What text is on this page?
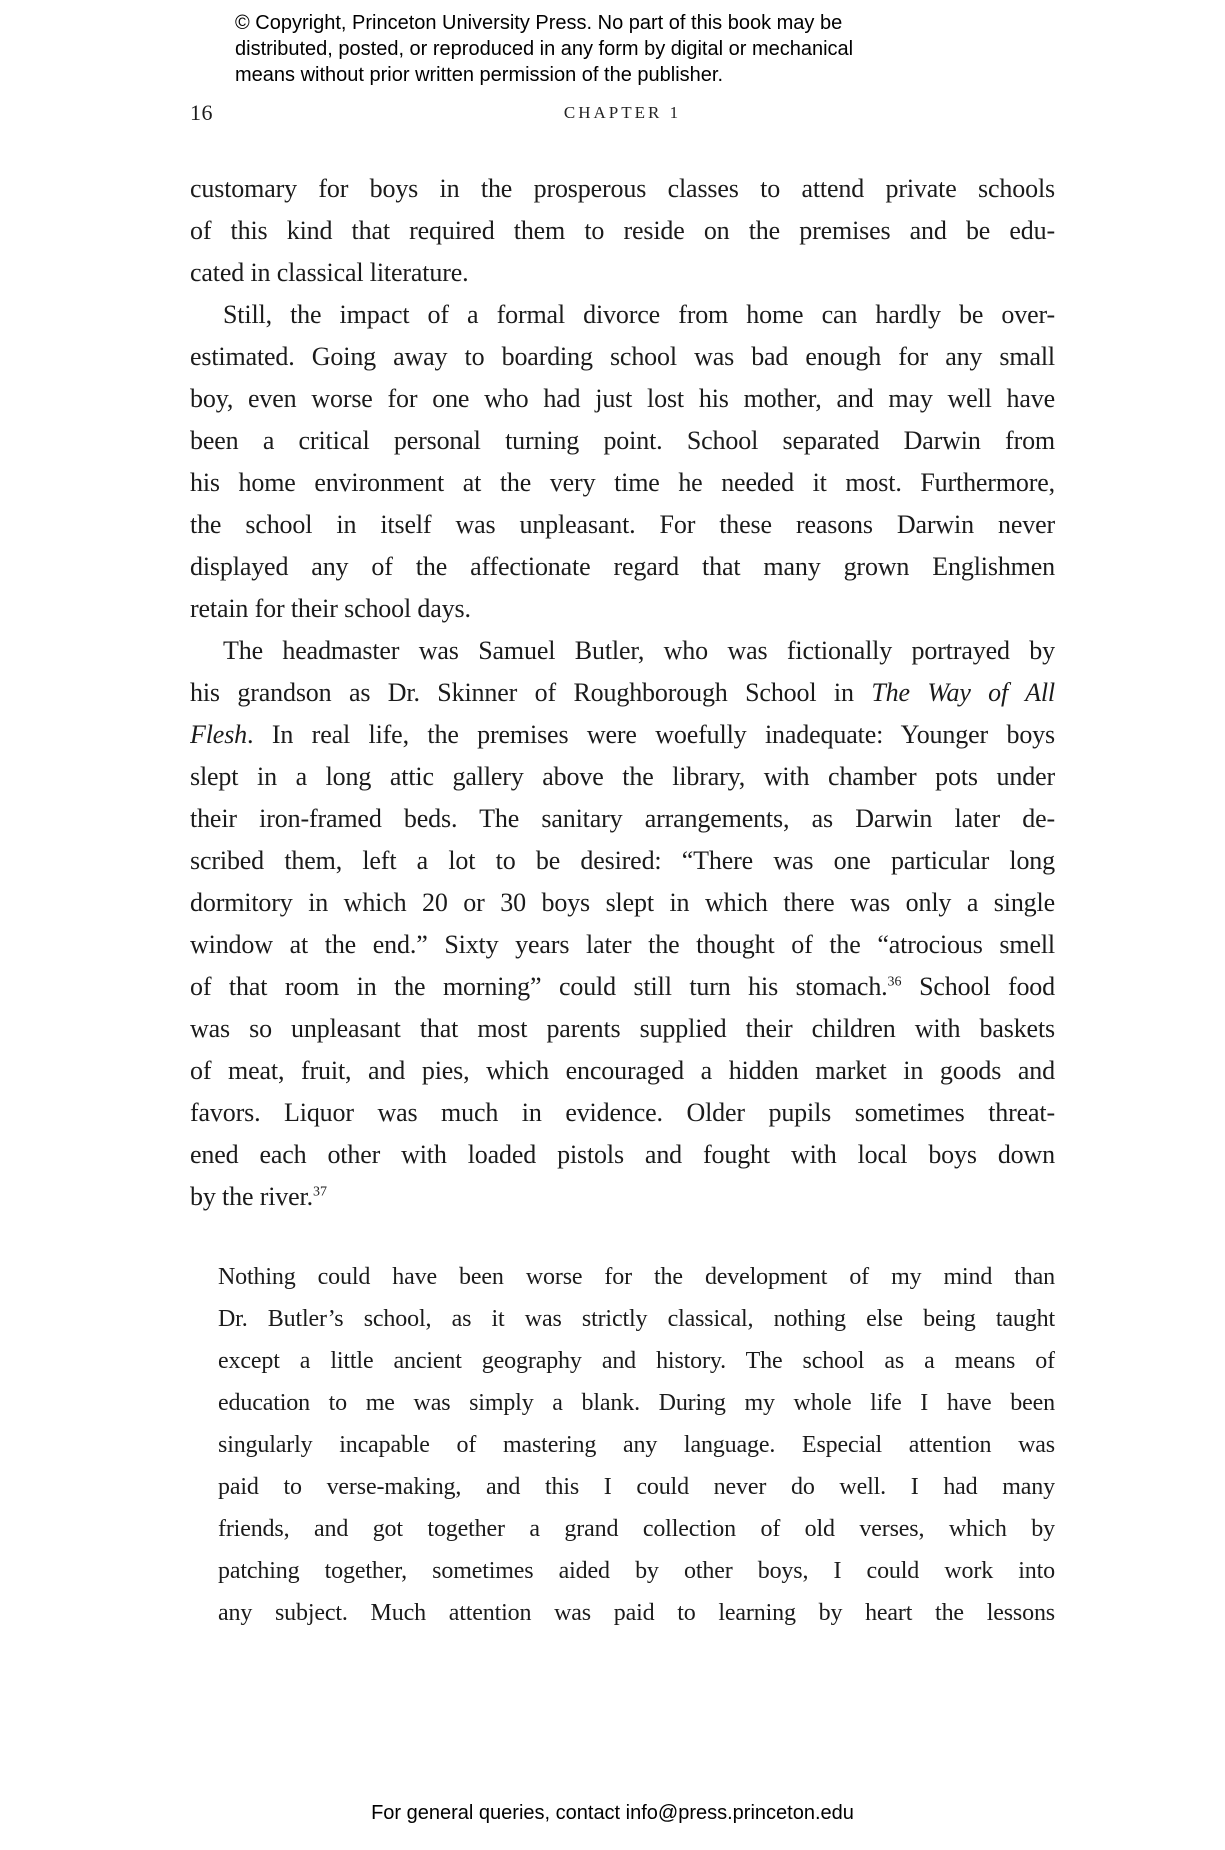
© Copyright, Princeton University Press. No part of this book may be
distributed, posted, or reproduced in any form by digital or mechanical
means without prior written permission of the publisher.
16	CHAPTER 1
customary for boys in the prosperous classes to attend private schools
of this kind that required them to reside on the premises and be edu-
cated in classical literature.
Still, the impact of a formal divorce from home can hardly be over-
estimated. Going away to boarding school was bad enough for any small
boy, even worse for one who had just lost his mother, and may well have
been a critical personal turning point. School separated Darwin from
his home environment at the very time he needed it most. Furthermore,
the school in itself was unpleasant. For these reasons Darwin never
displayed any of the affectionate regard that many grown Englishmen
retain for their school days.
The headmaster was Samuel Butler, who was fictionally portrayed by
his grandson as Dr. Skinner of Roughborough School in The Way of All
Flesh. In real life, the premises were woefully inadequate: Younger boys
slept in a long attic gallery above the library, with chamber pots under
their iron-framed beds. The sanitary arrangements, as Darwin later de-
scribed them, left a lot to be desired: “There was one particular long
dormitory in which 20 or 30 boys slept in which there was only a single
window at the end.” Sixty years later the thought of the “atrocious smell
of that room in the morning” could still turn his stomach.$^{36}$ School food
was so unpleasant that most parents supplied their children with baskets
of meat, fruit, and pies, which encouraged a hidden market in goods and
favors. Liquor was much in evidence. Older pupils sometimes threat-
ened each other with loaded pistols and fought with local boys down
by the river.$^{37}$
Nothing could have been worse for the development of my mind than
Dr. Butler’s school, as it was strictly classical, nothing else being taught
except a little ancient geography and history. The school as a means of
education to me was simply a blank. During my whole life I have been
singularly incapable of mastering any language. Especial attention was
paid to verse-making, and this I could never do well. I had many
friends, and got together a grand collection of old verses, which by
patching together, sometimes aided by other boys, I could work into
any subject. Much attention was paid to learning by heart the lessons
For general queries, contact info@press.princeton.edu
